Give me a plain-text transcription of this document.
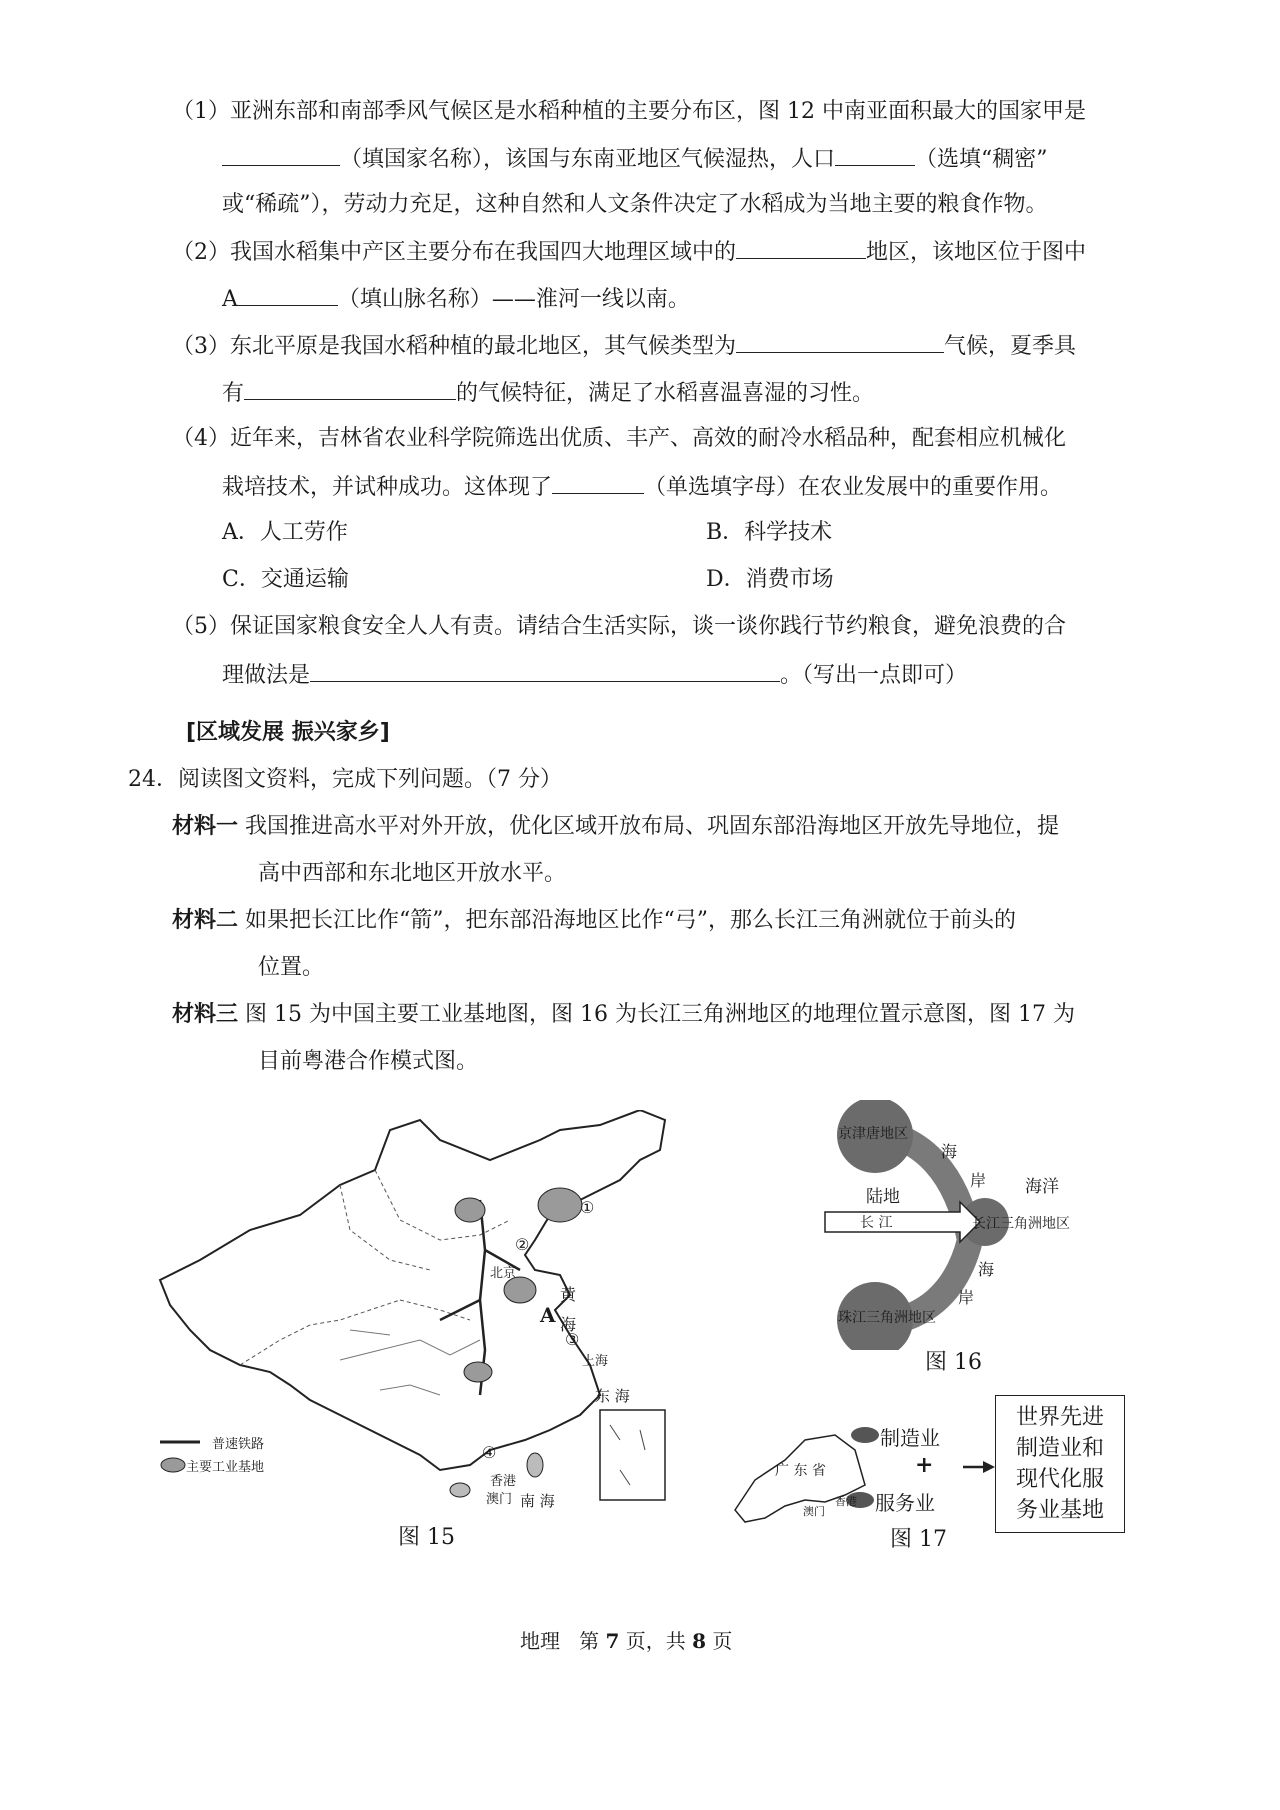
（1）亚洲东部和南部季风气候区是水稻种植的主要分布区，图 12 中南亚面积最大的国家甲是
（填国家名称），该国与东南亚地区气候湿热，人口	（选填“稠密”
或“稀疏”），劳动力充足，这种自然和人文条件决定了水稻成为当地主要的粮食作物。
（2）我国水稻集中产区主要分布在我国四大地理区域中的	地区，该地区位于图中
A	（填山脉名称）——淮河一线以南。
（3）东北平原是我国水稻种植的最北地区，其气候类型为	气候，夏季具
有	的气候特征，满足了水稻喜温喜湿的习性。
（4）近年来，吉林省农业科学院筛选出优质、丰产、高效的耐冷水稻品种，配套相应机械化
栽培技术，并试种成功。这体现了	（单选填字母）在农业发展中的重要作用。
A．人工劳作	B．科学技术
C．交通运输	D．消费市场
（5）保证国家粮食安全人人有责。请结合生活实际，谈一谈你践行节约粮食，避免浪费的合
理做法是	。（写出一点即可）
[区域发展 振兴家乡]
24．阅读图文资料，完成下列问题。（7 分）
材料一 我国推进高水平对外开放，优化区域开放布局、巩固东部沿海地区开放先导地位，提
高中西部和东北地区开放水平。
材料二 如果把长江比作“箭”，把东部沿海地区比作“弓”，那么长江三角洲就位于前头的
位置。
材料三 图 15 为中国主要工业基地图，图 16 为长江三角洲地区的地理位置示意图，图 17 为
目前粤港合作模式图。
普速铁路
主要工业基地
①
②
③
④
北京
上海
香港
澳门
黄
海
A
东 海
南 海
图 15
京津唐地区
陆地	海洋
长 江	长江三角洲地区
珠江三角洲地区
海
岸
海
岸
图 16
制造业
+
服务业
广 东 省
香港
澳门
世界先进
制造业和
现代化服
务业基地
图 17
地理 第 7 页，共 8 页
